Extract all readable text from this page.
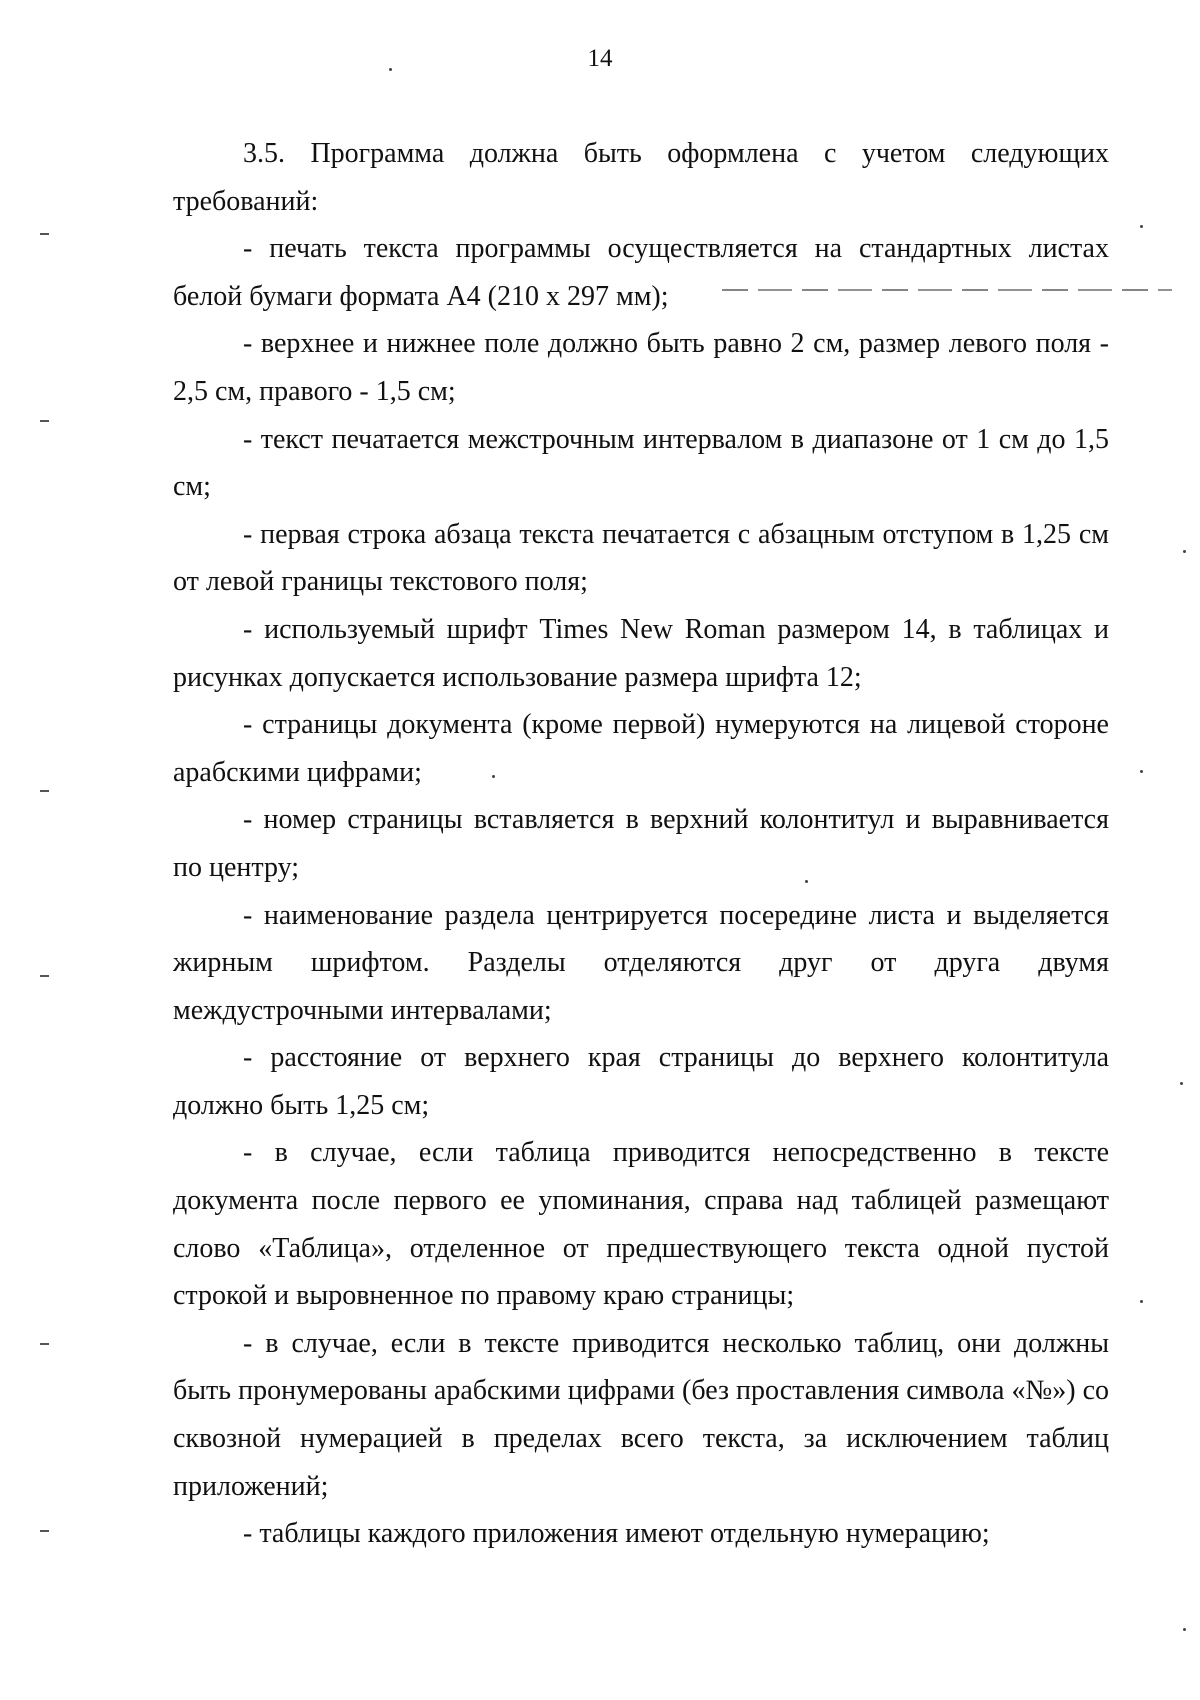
14

3.5. Программа должна быть оформлена с учетом следующих требований:

- печать текста программы осуществляется на стандартных листах белой бумаги формата А4 (210 х 297 мм);

- верхнее и нижнее поле должно быть равно 2 см, размер левого поля - 2,5 см, правого - 1,5 см;

- текст печатается межстрочным интервалом в диапазоне от 1 см до 1,5 см;

- первая строка абзаца текста печатается с абзацным отступом в 1,25 см от левой границы текстового поля;

- используемый шрифт Times New Roman размером 14, в таблицах и рисунках допускается использование размера шрифта 12;

- страницы документа (кроме первой) нумеруются на лицевой стороне арабскими цифрами;

- номер страницы вставляется в верхний колонтитул и выравнивается по центру;

- наименование раздела центрируется посередине листа и выделяется жирным шрифтом. Разделы отделяются друг от друга двумя междустрочными интервалами;

- расстояние от верхнего края страницы до верхнего колонтитула должно быть 1,25 см;

- в случае, если таблица приводится непосредственно в тексте документа после первого ее упоминания, справа над таблицей размещают слово «Таблица», отделенное от предшествующего текста одной пустой строкой и выровненное по правому краю страницы;

- в случае, если в тексте приводится несколько таблиц, они должны быть пронумерованы арабскими цифрами (без проставления символа «№») со сквозной нумерацией в пределах всего текста, за исключением таблиц приложений;

- таблицы каждого приложения имеют отдельную нумерацию;
